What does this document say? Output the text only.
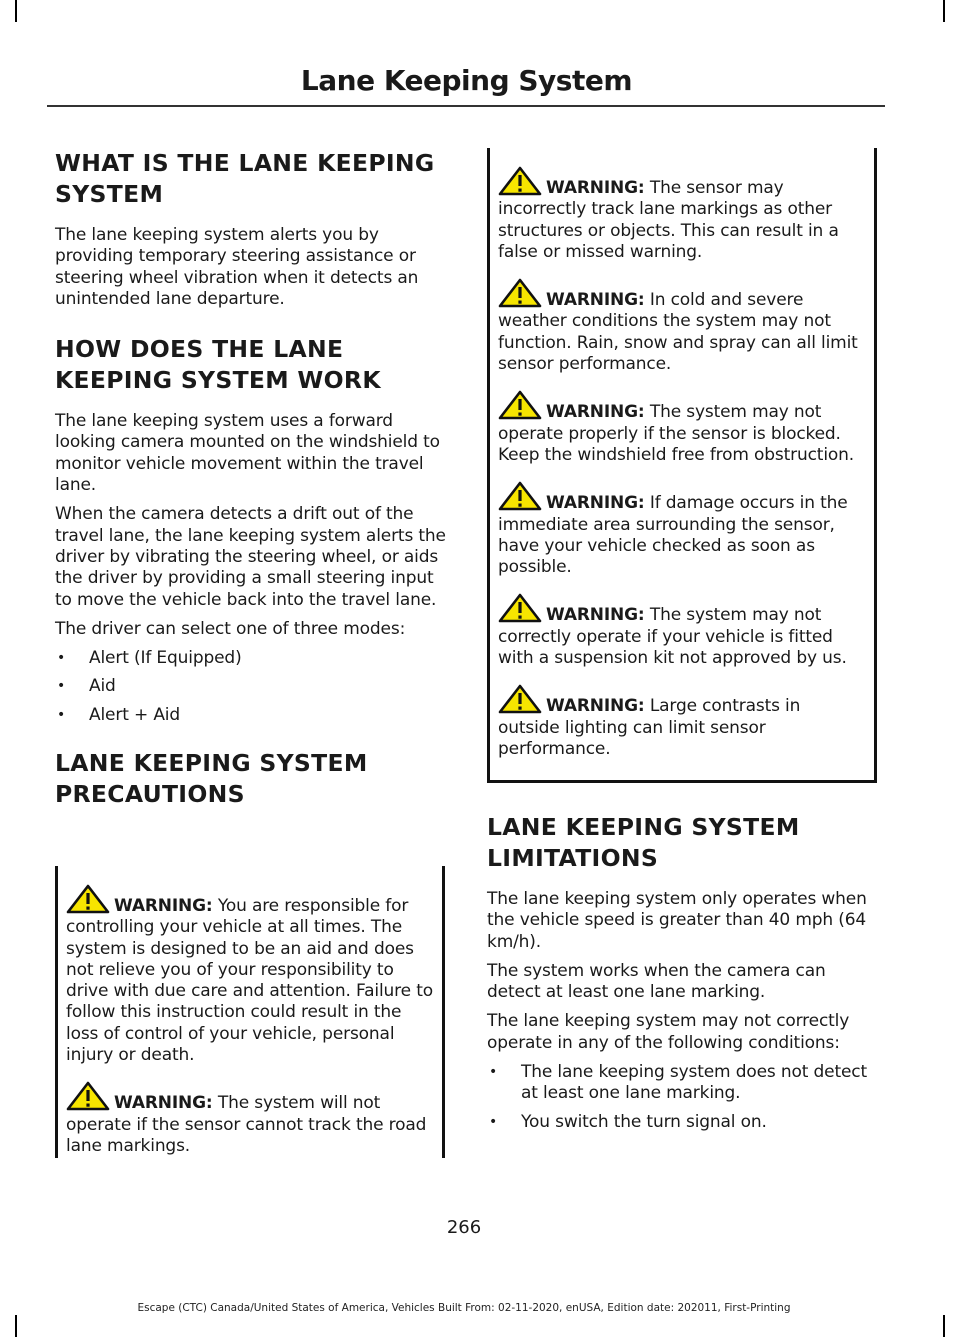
Lane Keeping System
WHAT IS THE LANE KEEPING SYSTEM

The lane keeping system alerts you by providing temporary steering assistance or steering wheel vibration when it detects an unintended lane departure.

HOW DOES THE LANE KEEPING SYSTEM WORK

The lane keeping system uses a forward looking camera mounted on the windshield to monitor vehicle movement within the travel lane.

When the camera detects a drift out of the travel lane, the lane keeping system alerts the driver by vibrating the steering wheel, or aids the driver by providing a small steering input to move the vehicle back into the travel lane.

The driver can select one of three modes:

• Alert (If Equipped)
• Aid
• Alert + Aid
LANE KEEPING SYSTEM PRECAUTIONS

WARNING: You are responsible for controlling your vehicle at all times. The system is designed to be an aid and does not relieve you of your responsibility to drive with due care and attention. Failure to follow this instruction could result in the loss of control of your vehicle, personal injury or death.

WARNING: The system will not operate if the sensor cannot track the road lane markings.

WARNING: The sensor may incorrectly track lane markings as other structures or objects. This can result in a false or missed warning.

WARNING: In cold and severe weather conditions the system may not function. Rain, snow and spray can all limit sensor performance.

WARNING: The system may not operate properly if the sensor is blocked. Keep the windshield free from obstruction.

WARNING: If damage occurs in the immediate area surrounding the sensor, have your vehicle checked as soon as possible.

WARNING: The system may not correctly operate if your vehicle is fitted with a suspension kit not approved by us.

WARNING: Large contrasts in outside lighting can limit sensor performance.

LANE KEEPING SYSTEM LIMITATIONS

The lane keeping system only operates when the vehicle speed is greater than 40 mph (64 km/h).

The system works when the camera can detect at least one lane marking.

The lane keeping system may not correctly operate in any of the following conditions:

• The lane keeping system does not detect at least one lane marking.
• You switch the turn signal on.
266
Escape (CTC) Canada/United States of America, Vehicles Built From: 02-11-2020, enUSA, Edition date: 202011, First-Printing
